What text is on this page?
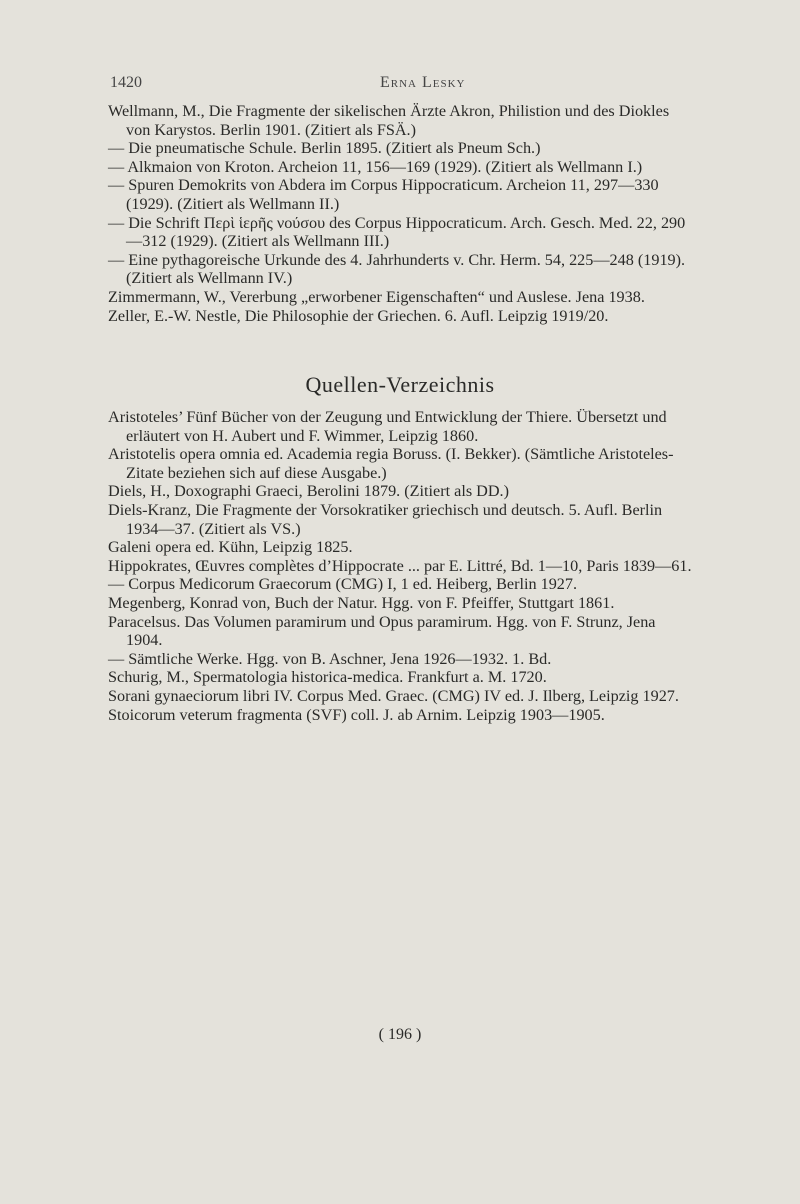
1420	Erna Lesky

Wellmann, M., Die Fragmente der sikelischen Ärzte Akron, Philistion und des Diokles von Karystos. Berlin 1901. (Zitiert als FSÄ.)

— Die pneumatische Schule. Berlin 1895. (Zitiert als Pneum Sch.)

— Alkmaion von Kroton. Archeion 11, 156—169 (1929). (Zitiert als Wellmann I.)

— Spuren Demokrits von Abdera im Corpus Hippocraticum. Archeion 11, 297—330 (1929). (Zitiert als Wellmann II.)

— Die Schrift Περὶ ἱερῆς νούσου des Corpus Hippocraticum. Arch. Gesch. Med. 22, 290—312 (1929). (Zitiert als Wellmann III.)

— Eine pythagoreische Urkunde des 4. Jahrhunderts v. Chr. Herm. 54, 225—248 (1919). (Zitiert als Wellmann IV.)

Zimmermann, W., Vererbung „erworbener Eigenschaften“ und Auslese. Jena 1938.

Zeller, E.-W. Nestle, Die Philosophie der Griechen. 6. Aufl. Leipzig 1919/20.

Quellen-Verzeichnis

Aristoteles’ Fünf Bücher von der Zeugung und Entwicklung der Thiere. Übersetzt und erläutert von H. Aubert und F. Wimmer, Leipzig 1860.

Aristotelis opera omnia ed. Academia regia Boruss. (I. Bekker). (Sämtliche Aristoteles-Zitate beziehen sich auf diese Ausgabe.)

Diels, H., Doxographi Graeci, Berolini 1879. (Zitiert als DD.)

Diels-Kranz, Die Fragmente der Vorsokratiker griechisch und deutsch. 5. Aufl. Berlin 1934—37. (Zitiert als VS.)

Galeni opera ed. Kühn, Leipzig 1825.

Hippokrates, Œuvres complètes d’Hippocrate ... par E. Littré, Bd. 1—10, Paris 1839—61.

— Corpus Medicorum Graecorum (CMG) I, 1 ed. Heiberg, Berlin 1927.

Megenberg, Konrad von, Buch der Natur. Hgg. von F. Pfeiffer, Stuttgart 1861.

Paracelsus. Das Volumen paramirum und Opus paramirum. Hgg. von F. Strunz, Jena 1904.

— Sämtliche Werke. Hgg. von B. Aschner, Jena 1926—1932. 1. Bd.

Schurig, M., Spermatologia historica-medica. Frankfurt a. M. 1720.

Sorani gynaeciorum libri IV. Corpus Med. Graec. (CMG) IV ed. J. Ilberg, Leipzig 1927.

Stoicorum veterum fragmenta (SVF) coll. J. ab Arnim. Leipzig 1903—1905.

( 196 )
